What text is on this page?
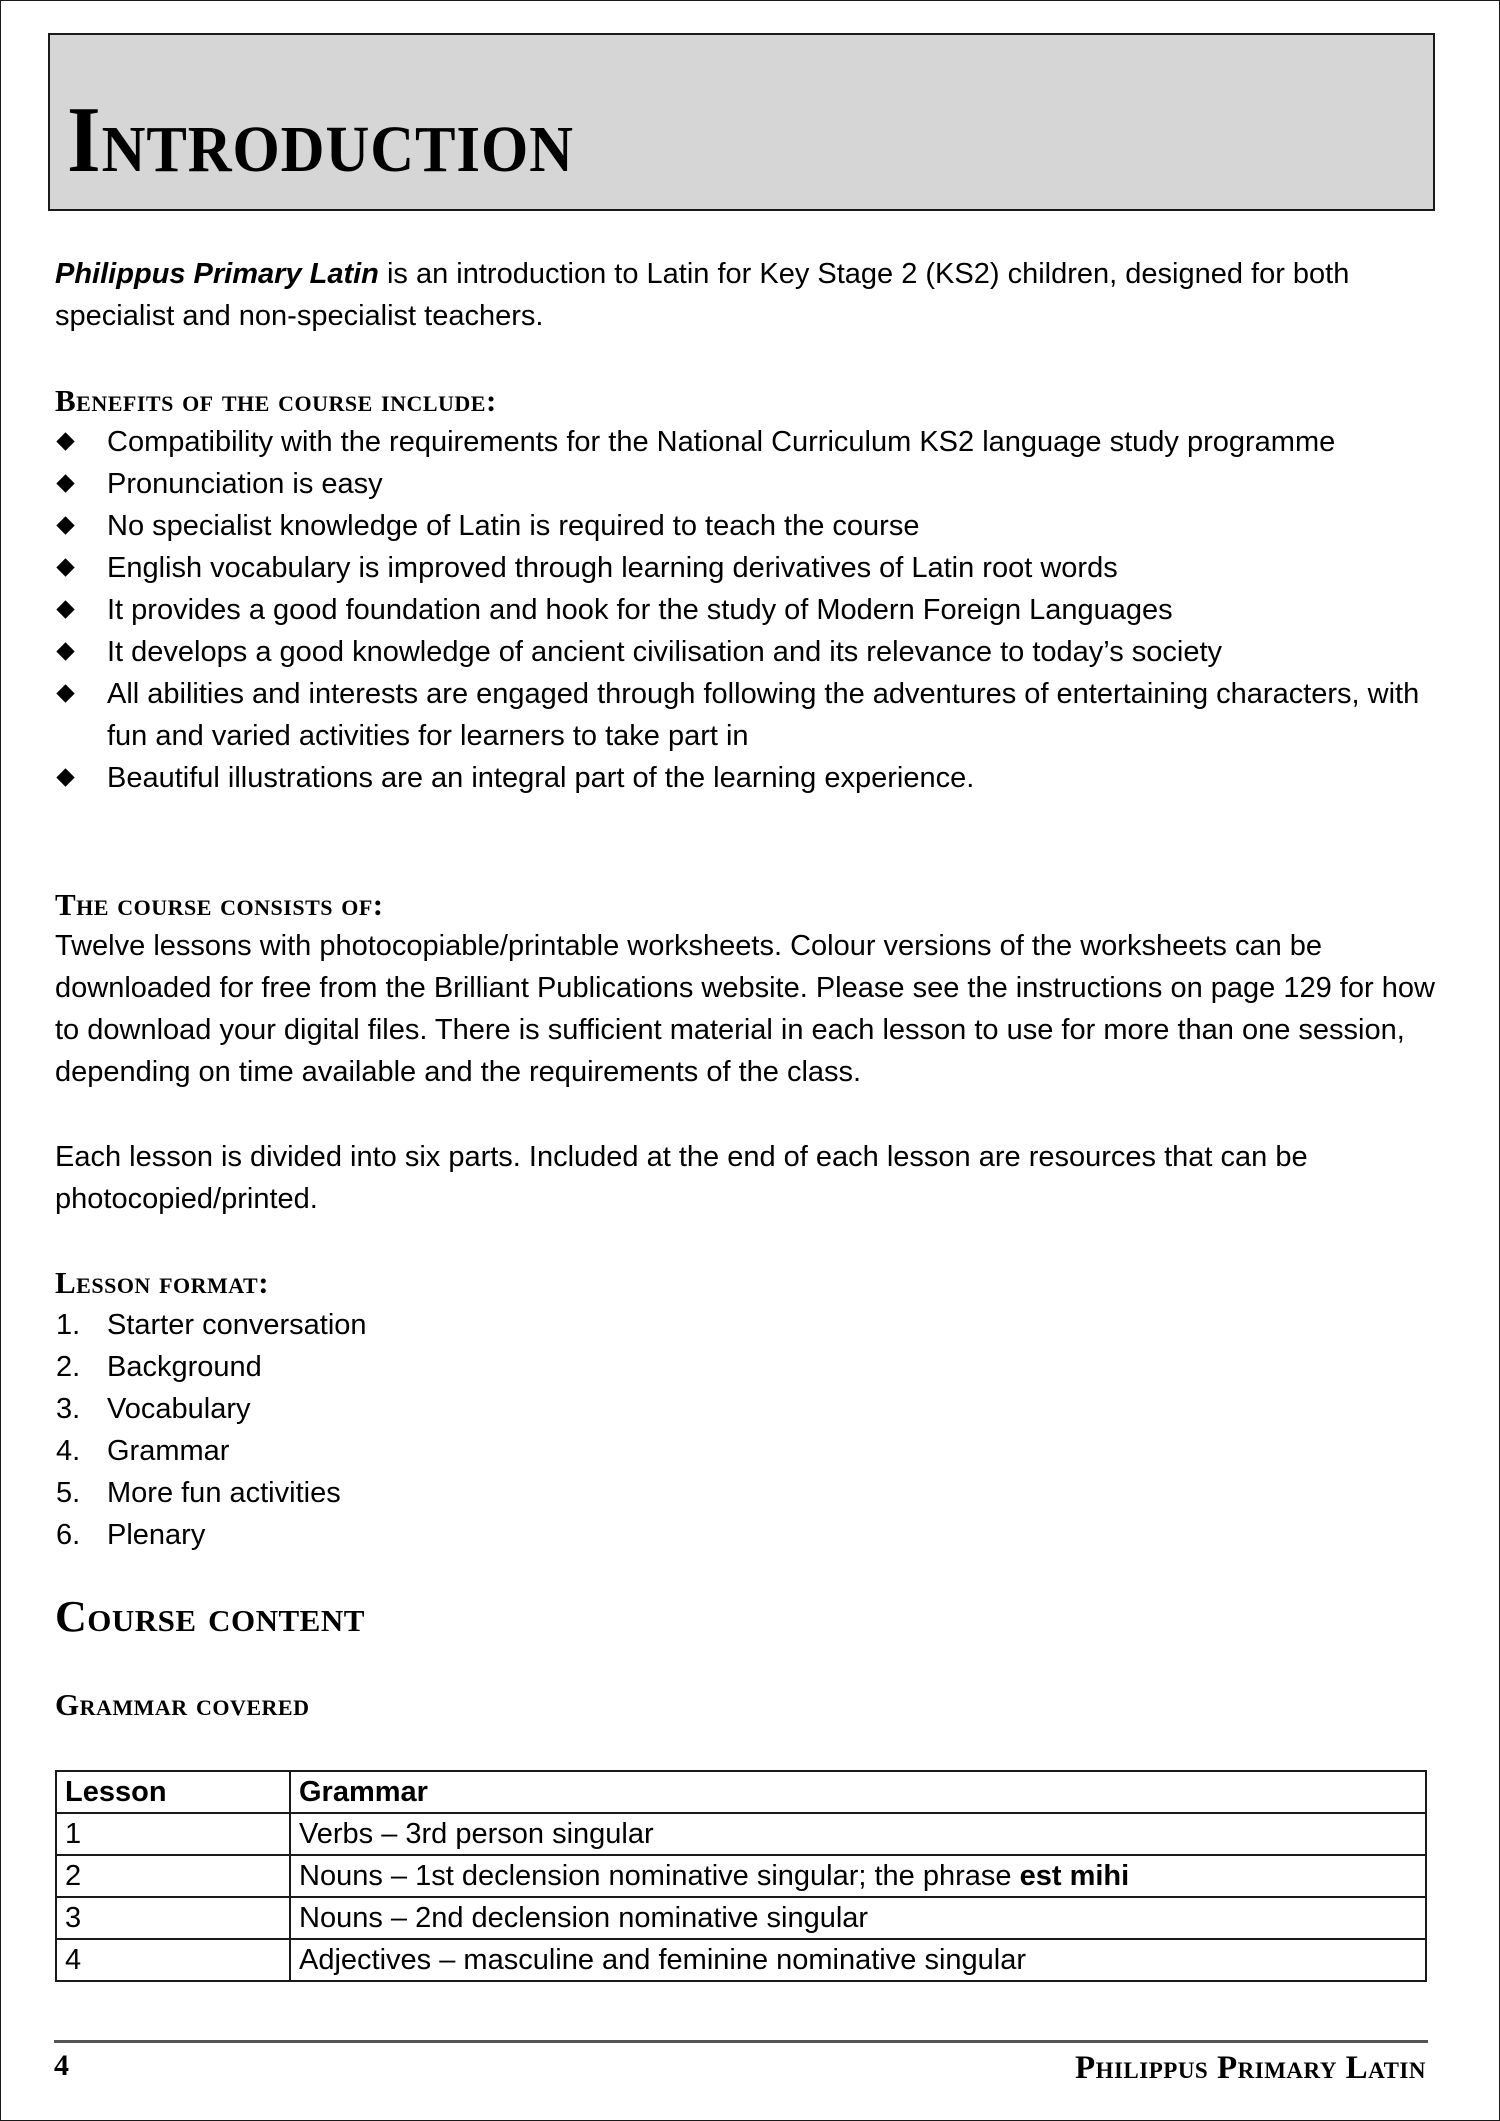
Introduction

Philippus Primary Latin is an introduction to Latin for Key Stage 2 (KS2) children, designed for both specialist and non-specialist teachers.

Benefits of the course include:
Compatibility with the requirements for the National Curriculum KS2 language study programme
Pronunciation is easy
No specialist knowledge of Latin is required to teach the course
English vocabulary is improved through learning derivatives of Latin root words
It provides a good foundation and hook for the study of Modern Foreign Languages
It develops a good knowledge of ancient civilisation and its relevance to today’s society
All abilities and interests are engaged through following the adventures of entertaining characters, with fun and varied activities for learners to take part in
Beautiful illustrations are an integral part of the learning experience.
The course consists of:

Twelve lessons with photocopiable/printable worksheets. Colour versions of the worksheets can be downloaded for free from the Brilliant Publications website. Please see the instructions on page 129 for how to download your digital files. There is sufficient material in each lesson to use for more than one session, depending on time available and the requirements of the class.

Each lesson is divided into six parts. Included at the end of each lesson are resources that can be photocopied/printed.

Lesson format:
1. Starter conversation
2. Background
3. Vocabulary
4. Grammar
5. More fun activities
6. Plenary
Course content
Grammar covered
Lesson	Grammar
1	Verbs – 3rd person singular
2	Nouns – 1st declension nominative singular; the phrase est mihi
3	Nouns – 2nd declension nominative singular
4	Adjectives – masculine and feminine nominative singular
4	Philippus Primary Latin
